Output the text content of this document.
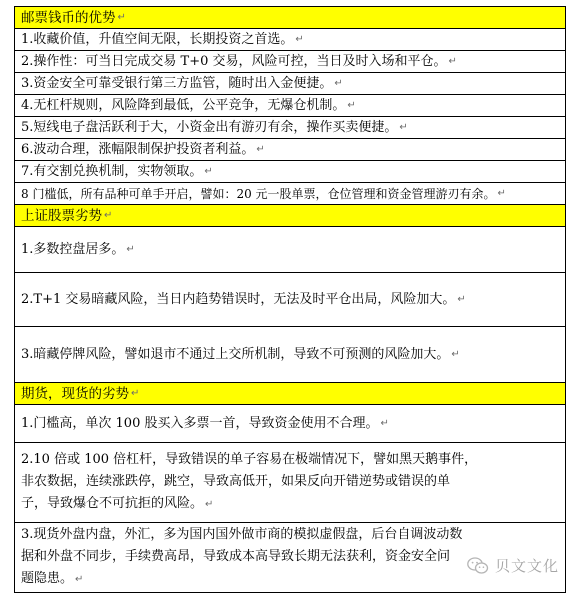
邮票钱币的优势 ↵
1.收藏价值，升值空间无限，长期投资之首选。 ↵
2.操作性：可当日完成交易 T+0 交易，风险可控，当日及时入场和平仓。 ↵
3.资金安全可靠受银行第三方监管，随时出入金便捷。 ↵
4.无杠杆规则，风险降到最低，公平竞争，无爆仓机制。 ↵
5.短线电子盘活跃利于大，小资金出有游刃有余，操作买卖便捷。 ↵
6.波动合理，涨幅限制保护投资者利益。 ↵
7.有交割兑换机制，实物领取。 ↵
8 门槛低，所有品种可单手开启，譬如：20 元一股单票，仓位管理和资金管理游刃有余。 ↵
上证股票劣势 ↵
1.多数控盘居多。 ↵
2.T+1 交易暗藏风险，当日内趋势错误时，无法及时平仓出局，风险加大。 ↵
3.暗藏停牌风险，譬如退市不通过上交所机制，导致不可预测的风险加大。 ↵
期货，现货的劣势 ↵
1.门槛高，单次 100 股买入多票一首，导致资金使用不合理。 ↵
2.10 倍或 100 倍杠杆，导致错误的单子容易在极端情况下，譬如黑天鹅事件，
非农数据，连续涨跌停，跳空，导致高低开，如果反向开错逆势或错误的单
子，导致爆仓不可抗拒的风险。 ↵
3.现货外盘内盘，外汇，多为国内国外做市商的模拟虚假盘，后台自调波动数
据和外盘不同步，手续费高昂，导致成本高导致长期无法获利，资金安全问
题隐患。 ↵
贝文文化
